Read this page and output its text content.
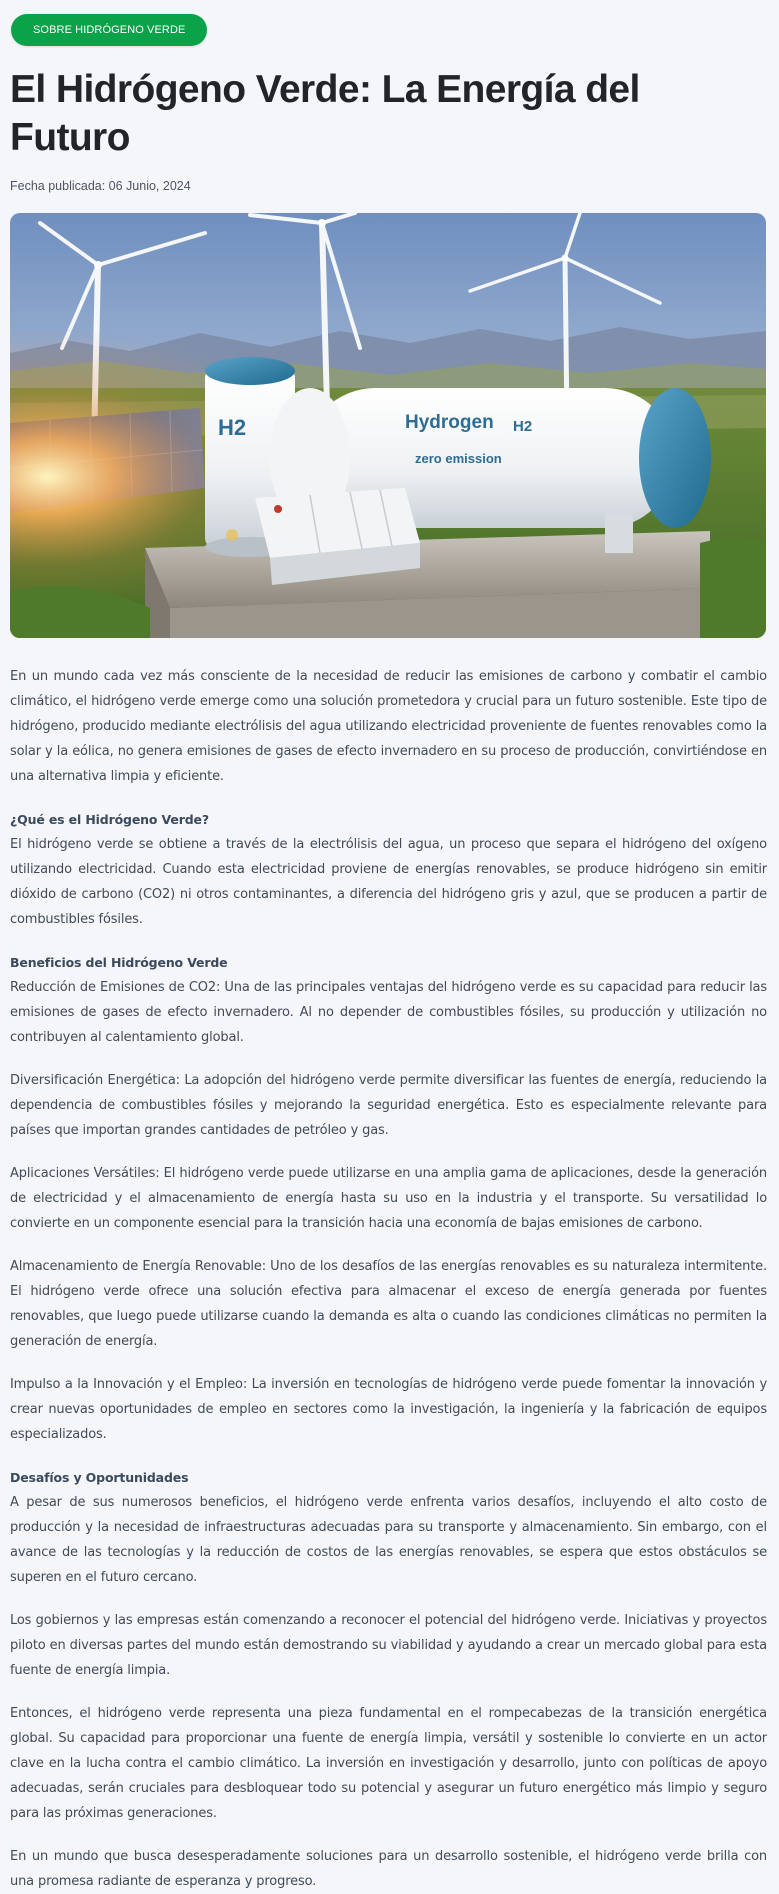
SOBRE HIDRÓGENO VERDE
El Hidrógeno Verde: La Energía del Futuro
Fecha publicada: 06 Junio, 2024
H2	Hydrogen H2
zero emission

En un mundo cada vez más consciente de la necesidad de reducir las emisiones de carbono y combatir el cambio climático, el hidrógeno verde emerge como una solución prometedora y crucial para un futuro sostenible. Este tipo de hidrógeno, producido mediante electrólisis del agua utilizando electricidad proveniente de fuentes renovables como la solar y la eólica, no genera emisiones de gases de efecto invernadero en su proceso de producción, convirtiéndose en una alternativa limpia y eficiente.

¿Qué es el Hidrógeno Verde?

El hidrógeno verde se obtiene a través de la electrólisis del agua, un proceso que separa el hidrógeno del oxígeno utilizando electricidad. Cuando esta electricidad proviene de energías renovables, se produce hidrógeno sin emitir dióxido de carbono (CO2) ni otros contaminantes, a diferencia del hidrógeno gris y azul, que se producen a partir de combustibles fósiles.

Beneficios del Hidrógeno Verde

Reducción de Emisiones de CO2: Una de las principales ventajas del hidrógeno verde es su capacidad para reducir las emisiones de gases de efecto invernadero. Al no depender de combustibles fósiles, su producción y utilización no contribuyen al calentamiento global.

Diversificación Energética: La adopción del hidrógeno verde permite diversificar las fuentes de energía, reduciendo la dependencia de combustibles fósiles y mejorando la seguridad energética. Esto es especialmente relevante para países que importan grandes cantidades de petróleo y gas.

Aplicaciones Versátiles: El hidrógeno verde puede utilizarse en una amplia gama de aplicaciones, desde la generación de electricidad y el almacenamiento de energía hasta su uso en la industria y el transporte. Su versatilidad lo convierte en un componente esencial para la transición hacia una economía de bajas emisiones de carbono.

Almacenamiento de Energía Renovable: Uno de los desafíos de las energías renovables es su naturaleza intermitente. El hidrógeno verde ofrece una solución efectiva para almacenar el exceso de energía generada por fuentes renovables, que luego puede utilizarse cuando la demanda es alta o cuando las condiciones climáticas no permiten la generación de energía.

Impulso a la Innovación y el Empleo: La inversión en tecnologías de hidrógeno verde puede fomentar la innovación y crear nuevas oportunidades de empleo en sectores como la investigación, la ingeniería y la fabricación de equipos especializados.

Desafíos y Oportunidades

A pesar de sus numerosos beneficios, el hidrógeno verde enfrenta varios desafíos, incluyendo el alto costo de producción y la necesidad de infraestructuras adecuadas para su transporte y almacenamiento. Sin embargo, con el avance de las tecnologías y la reducción de costos de las energías renovables, se espera que estos obstáculos se superen en el futuro cercano.

Los gobiernos y las empresas están comenzando a reconocer el potencial del hidrógeno verde. Iniciativas y proyectos piloto en diversas partes del mundo están demostrando su viabilidad y ayudando a crear un mercado global para esta fuente de energía limpia.

Entonces, el hidrógeno verde representa una pieza fundamental en el rompecabezas de la transición energética global. Su capacidad para proporcionar una fuente de energía limpia, versátil y sostenible lo convierte en un actor clave en la lucha contra el cambio climático. La inversión en investigación y desarrollo, junto con políticas de apoyo adecuadas, serán cruciales para desbloquear todo su potencial y asegurar un futuro energético más limpio y seguro para las próximas generaciones.

En un mundo que busca desesperadamente soluciones para un desarrollo sostenible, el hidrógeno verde brilla con una promesa radiante de esperanza y progreso.
